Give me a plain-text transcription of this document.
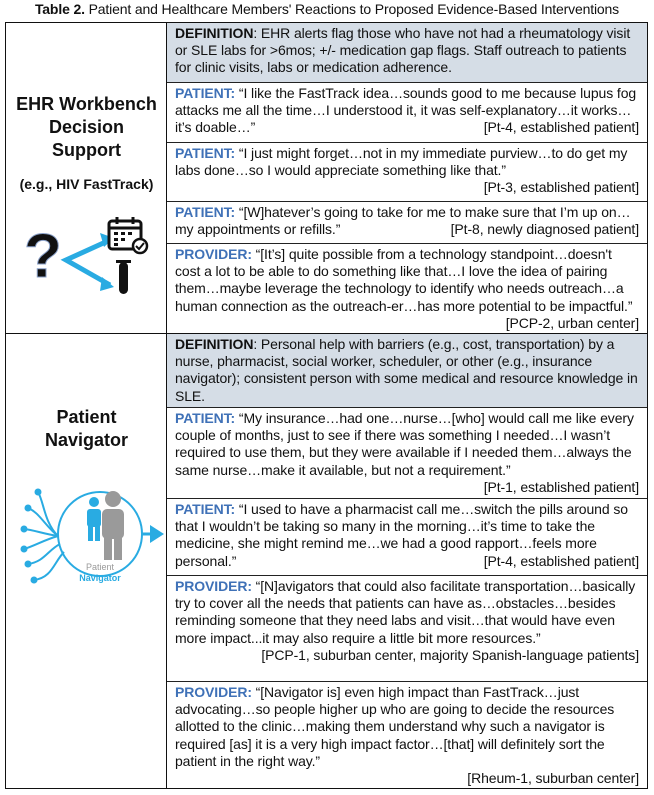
Table 2. Patient and Healthcare Members' Reactions to Proposed Evidence-Based Interventions
EHR Workbench
Decision
Support
(e.g., HIV FastTrack)
?
DEFINITION: EHR alerts flag those who have not had a rheumatology visit or SLE labs for >6mos; +/- medication gap flags. Staff outreach to patients for clinic visits, labs or medication adherence.
PATIENT: “I like the FastTrack idea…sounds good to me because lupus fog attacks me all the time…I understood it, it was self-explanatory…it works…it’s doable…”	[Pt-4, established patient]
PATIENT: “I just might forget…not in my immediate purview…to do get my labs done…so I would appreciate something like that.”
[Pt-3, established patient]
PATIENT: “[W]hatever’s going to take for me to make sure that I’m up on…my appointments or refills.”	[Pt-8, newly diagnosed patient]
PROVIDER: “[It’s] quite possible from a technology standpoint…doesn't cost a lot to be able to do something like that…I love the idea of pairing them…maybe leverage the technology to identify who needs outreach…a human connection as the outreach-er…has more potential to be impactful.”
[PCP-2, urban center]
Patient
Navigator
Patient
Navigator
DEFINITION: Personal help with barriers (e.g., cost, transportation) by a nurse, pharmacist, social worker, scheduler, or other (e.g., insurance navigator); consistent person with some medical and resource knowledge in SLE.
PATIENT: “My insurance…had one…nurse…[who] would call me like every couple of months, just to see if there was something I needed…I wasn’t required to use them, but they were available if I needed them…always the same nurse…make it available, but not a requirement.”
[Pt-1, established patient]
PATIENT: “I used to have a pharmacist call me…switch the pills around so that I wouldn’t be taking so many in the morning…it’s time to take the medicine, she might remind me…we had a good rapport…feels more personal.”	[Pt-4, established patient]
PROVIDER: “[N]avigators that could also facilitate transportation…basically try to cover all the needs that patients can have as…obstacles…besides reminding someone that they need labs and visit…that would have even more impact...it may also require a little bit more resources.”
[PCP-1, suburban center, majority Spanish-language patients]
PROVIDER: “[Navigator is] even high impact than FastTrack…just advocating…so people higher up who are going to decide the resources allotted to the clinic…making them understand why such a navigator is required [as] it is a very high impact factor…[that] will definitely sort the patient in the right way.”
[Rheum-1, suburban center]
